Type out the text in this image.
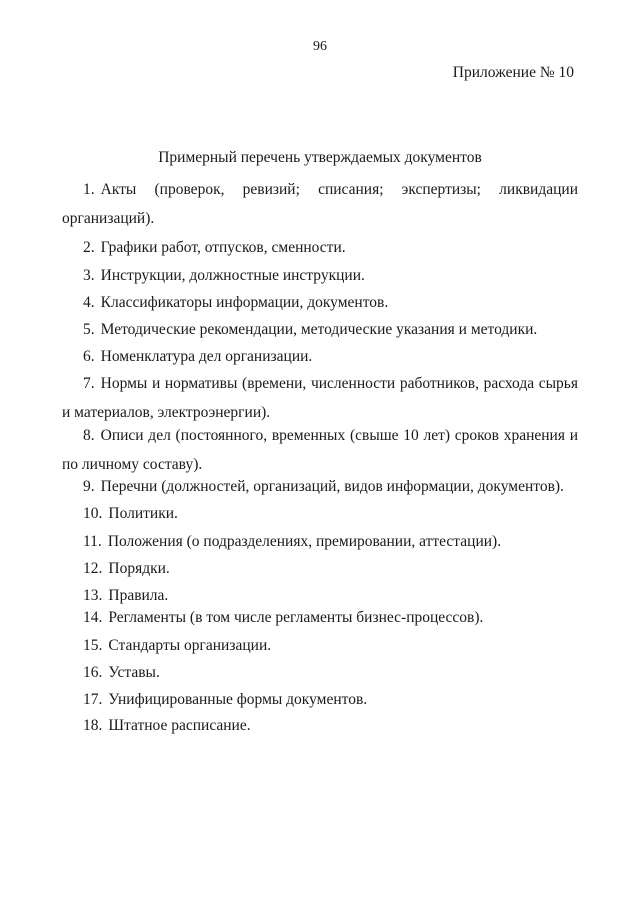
96
Приложение № 10
Примерный перечень утверждаемых документов
1. Акты (проверок, ревизий; списания; экспертизы; ликвидации
организаций).
2. Графики работ, отпусков, сменности.
3. Инструкции, должностные инструкции.
4. Классификаторы информации, документов.
5. Методические рекомендации, методические указания и методики.
6. Номенклатура дел организации.
7. Нормы и нормативы (времени, численности работников, расхода сырья
и материалов, электроэнергии).
8. Описи дел (постоянного, временных (свыше 10 лет) сроков хранения и
по личному составу).
9. Перечни (должностей, организаций, видов информации, документов).
10. Политики.
11. Положения (о подразделениях, премировании, аттестации).
12. Порядки.
13. Правила.
14. Регламенты (в том числе регламенты бизнес-процессов).
15. Стандарты организации.
16. Уставы.
17. Унифицированные формы документов.
18. Штатное расписание.
